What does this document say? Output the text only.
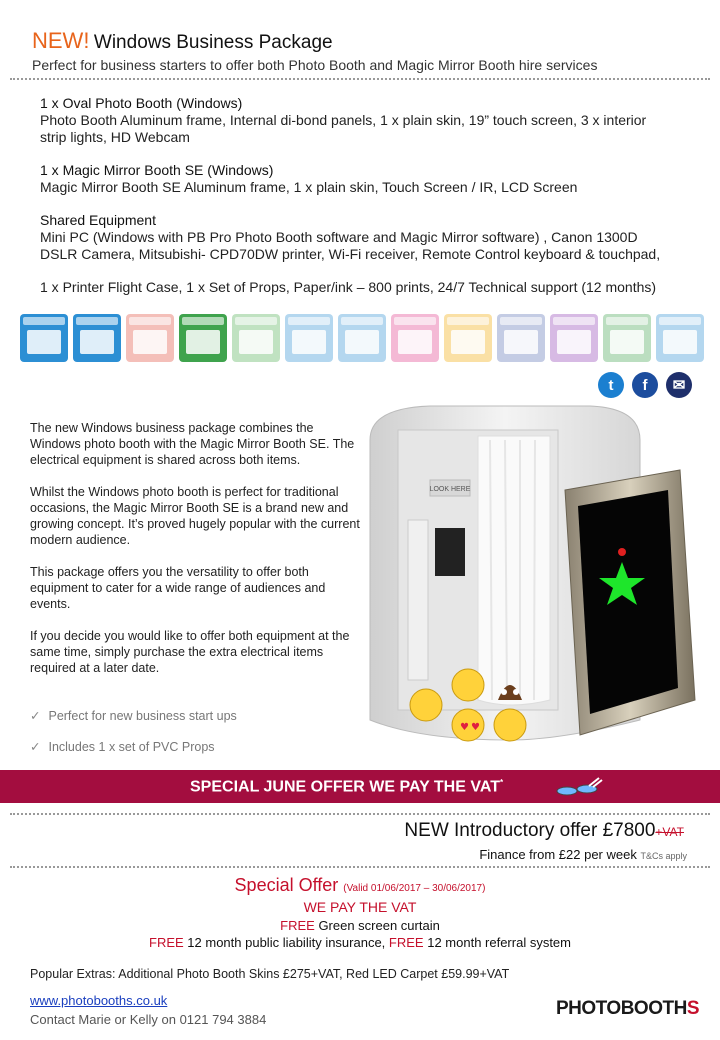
NEW! Windows Business Package
Perfect for business starters to offer both Photo Booth and Magic Mirror Booth hire services
1 x Oval Photo Booth (Windows)
Photo Booth Aluminum frame, Internal di-bond panels, 1 x plain skin, 19” touch screen, 3 x interior strip lights, HD Webcam
1 x Magic Mirror Booth SE (Windows)
Magic Mirror Booth SE Aluminum frame, 1 x plain skin, Touch Screen / IR, LCD Screen
Shared Equipment
Mini PC (Windows with PB Pro Photo Booth software and Magic Mirror software) , Canon 1300D DSLR Camera, Mitsubishi- CPD70DW printer, Wi-Fi receiver, Remote Control keyboard & touchpad,
1 x Printer Flight Case, 1 x Set of Props, Paper/ink – 800 prints, 24/7 Technical support (12 months)
t	f	✉

The new Windows business package combines the Windows photo booth with the Magic Mirror Booth SE. The electrical equipment is shared across both items.

Whilst the Windows photo booth is perfect for traditional occasions, the Magic Mirror Booth SE is a brand new and growing concept. It’s proved hugely popular with the current modern audience.

This package offers you the versatility to offer both equipment to cater for a wide range of audiences and events.

If you decide you would like to offer both equipment at the same time, simply purchase the extra electrical items required at a later date.

✓ Perfect for new business start ups
✓ Includes 1 x set of PVC Props
LOOK HERE
♥ ♥
SPECIAL JUNE OFFER WE PAY THE VAT*
NEW Introductory offer £7800+VAT
Finance from £22 per week T&Cs apply
Special Offer (Valid 01/06/2017 – 30/06/2017)
WE PAY THE VAT
FREE Green screen curtain
FREE 12 month public liability insurance, FREE 12 month referral system
Popular Extras: Additional Photo Booth Skins £275+VAT, Red LED Carpet £59.99+VAT
www.photobooths.co.uk
Contact Marie or Kelly on 0121 794 3884
PHOTOBOOTHS
